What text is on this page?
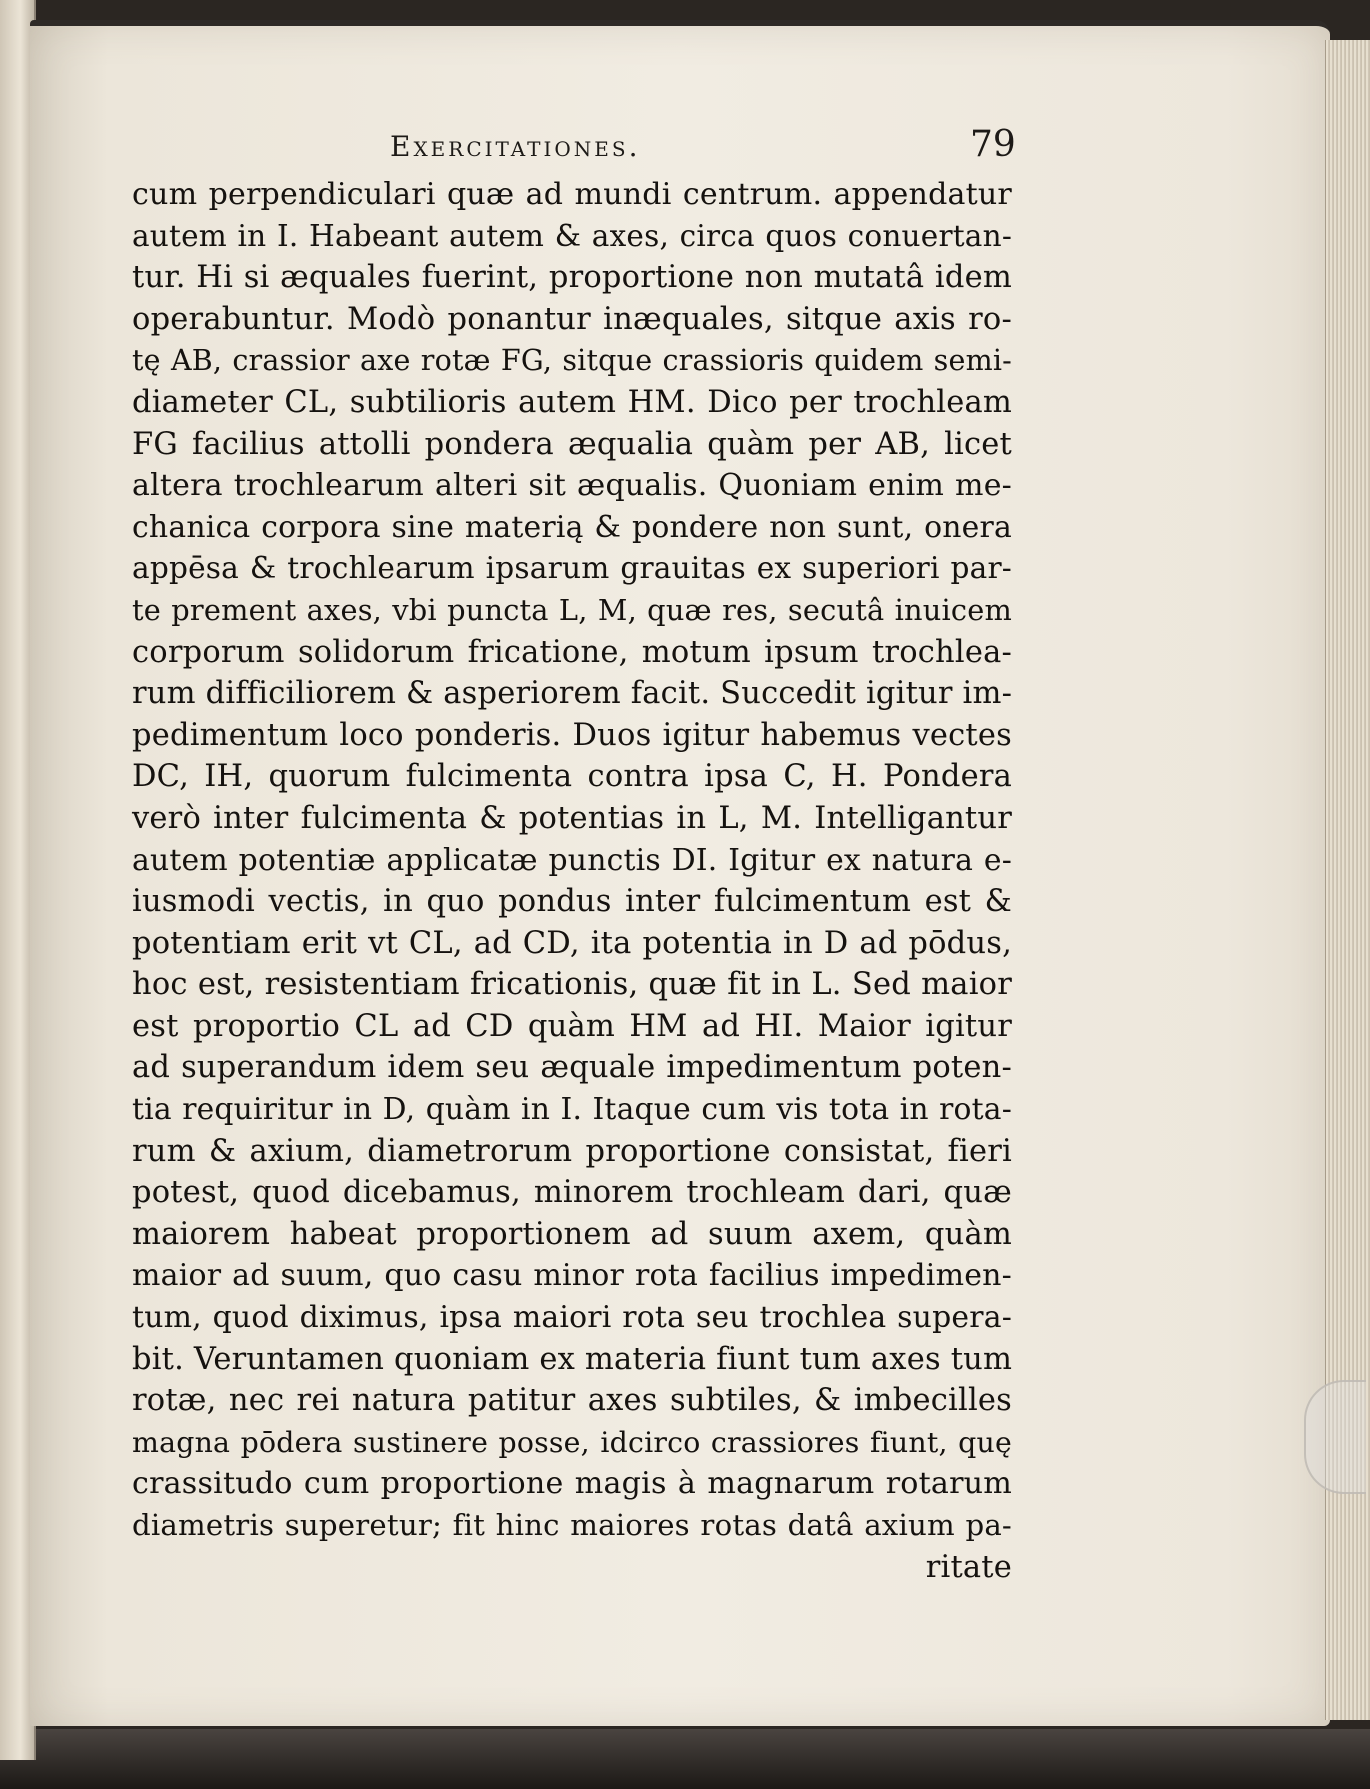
Exercitationes.	79
cum perpendiculari quæ ad mundi centrum. appendatur
autem in I. Habeant autem & axes, circa quos conuertan-
tur. Hi si æquales fuerint, proportione non mutatâ idem
operabuntur. Modò ponantur inæquales, sitque axis ro-
tę AB, crassior axe rotæ FG, sitque crassioris quidem semi-
diameter CL, subtilioris autem HM. Dico per trochleam
FG facilius attolli pondera æqualia quàm per AB, licet
altera trochlearum alteri sit æqualis. Quoniam enim me-
chanica corpora sine materią & pondere non sunt, onera
appēsa & trochlearum ipsarum grauitas ex superiori par-
te prement axes, vbi puncta L, M, quæ res, secutâ inuicem
corporum solidorum fricatione, motum ipsum trochlea-
rum difficiliorem & asperiorem facit. Succedit igitur im-
pedimentum loco ponderis. Duos igitur habemus vectes
DC, IH, quorum fulcimenta contra ipsa C, H. Pondera
verò inter fulcimenta & potentias in L, M. Intelligantur
autem potentiæ applicatæ punctis DI. Igitur ex natura e-
iusmodi vectis, in quo pondus inter fulcimentum est &
potentiam erit vt CL, ad CD, ita potentia in D ad pōdus,
hoc est, resistentiam fricationis, quæ fit in L. Sed maior
est proportio CL ad CD quàm HM ad HI. Maior igitur
ad superandum idem seu æquale impedimentum poten-
tia requiritur in D, quàm in I. Itaque cum vis tota in rota-
rum & axium, diametrorum proportione consistat, fieri
potest, quod dicebamus, minorem trochleam dari, quæ
maiorem habeat proportionem ad suum axem, quàm
maior ad suum, quo casu minor rota facilius impedimen-
tum, quod diximus, ipsa maiori rota seu trochlea supera-
bit. Veruntamen quoniam ex materia fiunt tum axes tum
rotæ, nec rei natura patitur axes subtiles, & imbecilles
magna pōdera sustinere posse, idcirco crassiores fiunt, quę
crassitudo cum proportione magis à magnarum rotarum
diametris superetur; fit hinc maiores rotas datâ axium pa-
ritate
